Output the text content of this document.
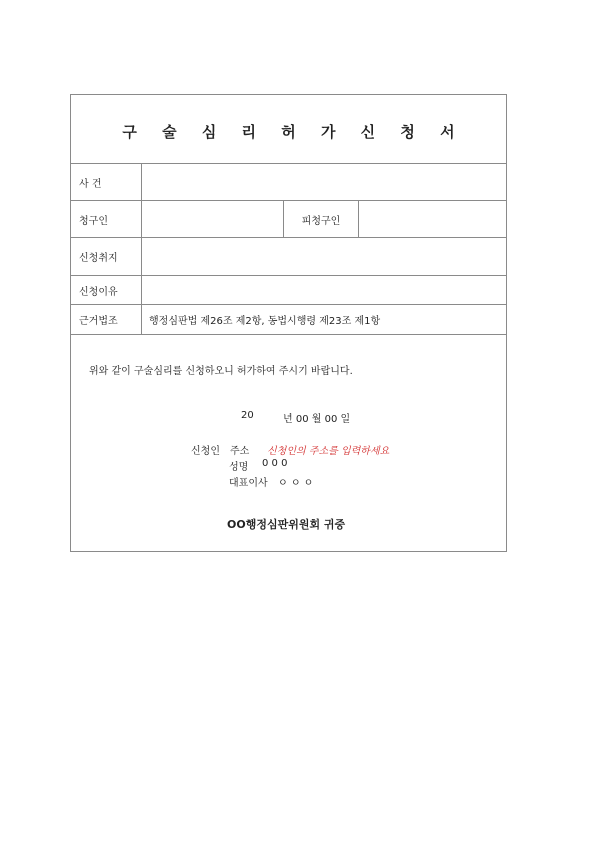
구 술 심 리 허 가 신 청 서
사 건
청구인	피청구인
신청취지
신청이유
근거법조	행정심판법 제26조 제2항, 동법시행령 제23조 제1항
위와 같이 구술심리를 신청하오니 허가하여 주시기 바랍니다.
20	년 00 월 00 일
신청인 주소 신청인의 주소를 입력하세요
성명 0 0 0
대표이사 ㅇ ㅇ ㅇ
OO행정심판위원회 귀중
